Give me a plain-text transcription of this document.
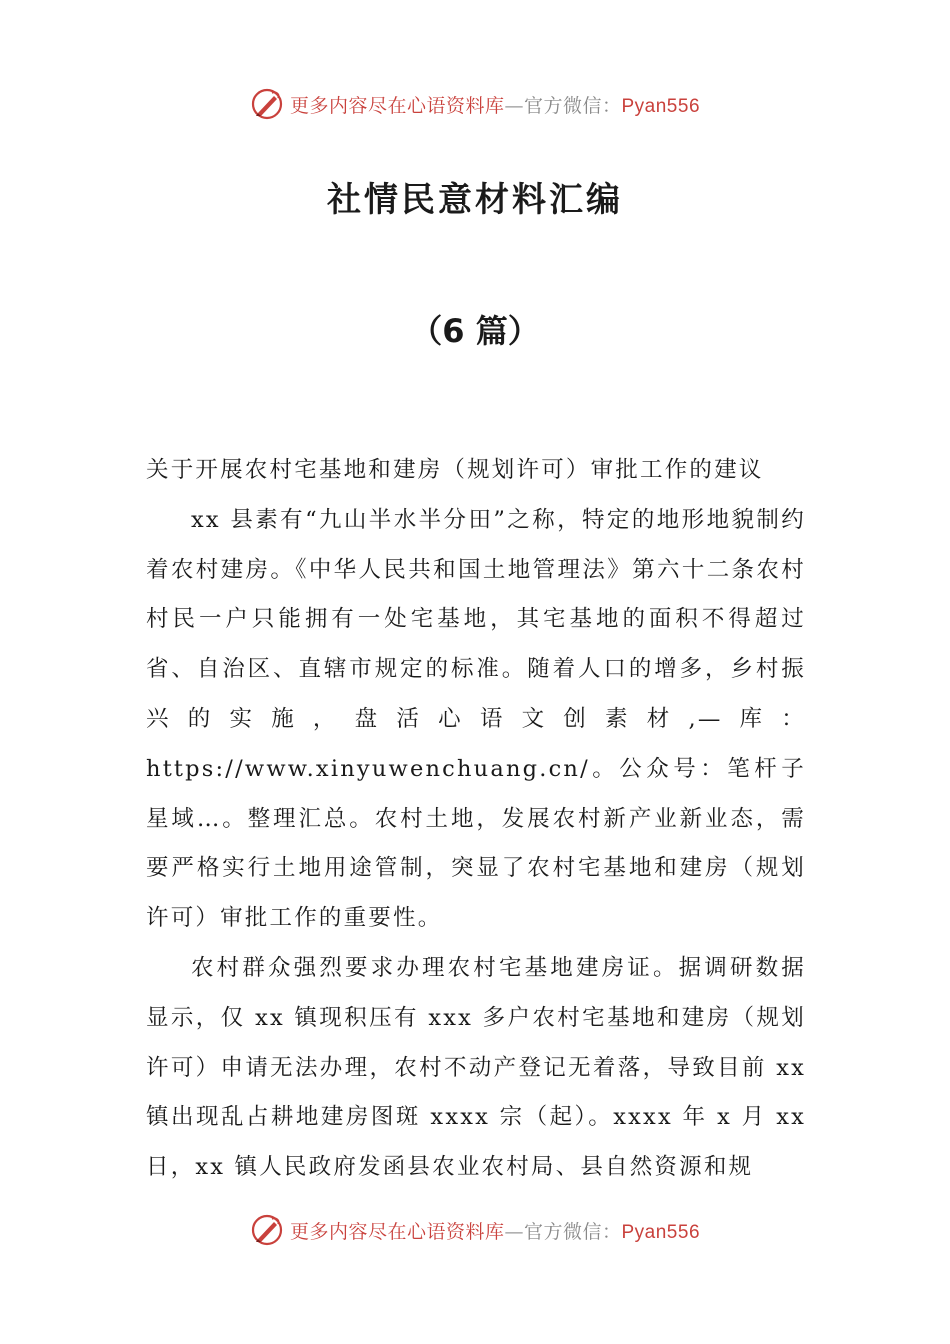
更多内容尽在心语资料库—官方微信：Pyan556
社情民意材料汇编
（6 篇）

关于开展农村宅基地和建房（规划许可）审批工作的建议

xx 县素有“九山半水半分田”之称，特定的地形地貌制约着农村建房。《中华人民共和国土地管理法》第六十二条农村村民一户只能拥有一处宅基地，其宅基地的面积不得超过省、自治区、直辖市规定的标准。随着人口的增多，乡村振兴的实施，盘活心语文创素材,—库：https://www.xinyuwenchuang.cn/。公众号：笔杆子星域…。整理汇总。农村土地，发展农村新产业新业态，需要严格实行土地用途管制，突显了农村宅基地和建房（规划许可）审批工作的重要性。

农村群众强烈要求办理农村宅基地建房证。据调研数据显示，仅 xx 镇现积压有 xxx 多户农村宅基地和建房（规划许可）申请无法办理，农村不动产登记无着落，导致目前 xx 镇出现乱占耕地建房图斑 xxxx 宗（起）。xxxx 年 x 月 xx 日，xx 镇人民政府发函县农业农村局、县自然资源和规

更多内容尽在心语资料库—官方微信：Pyan556
